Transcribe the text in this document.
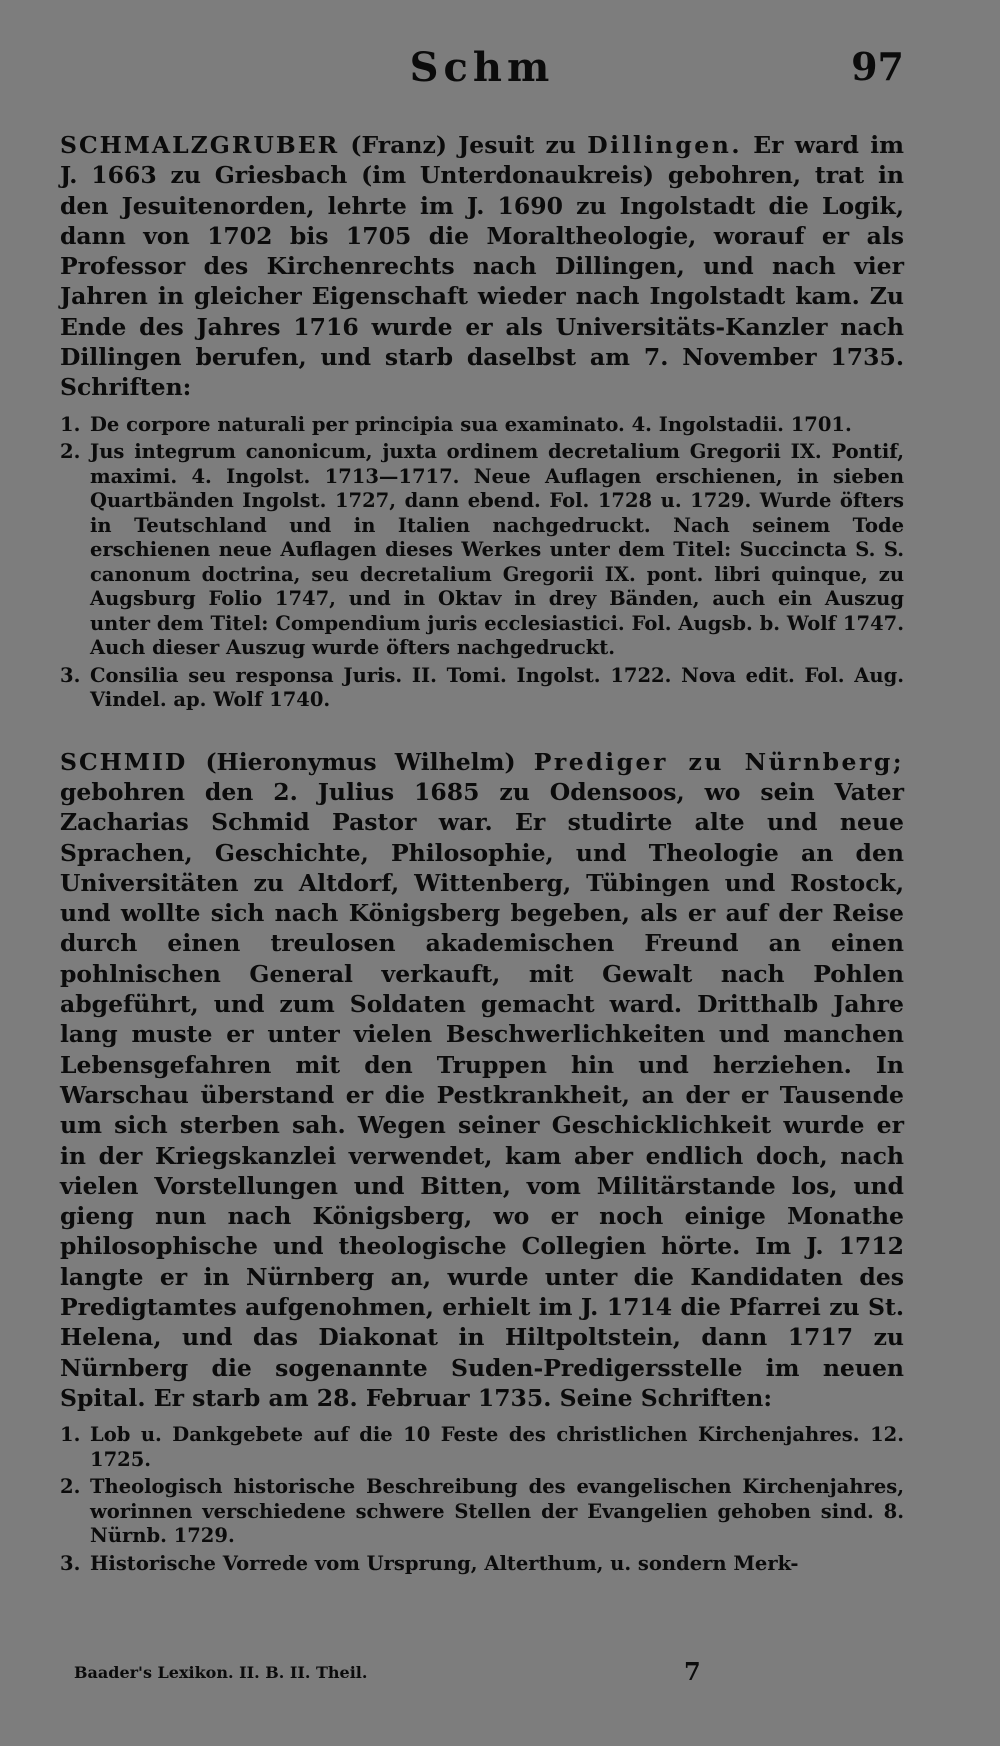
Schm	97
SCHMALZGRUBER (Franz) Jesuit zu Dillingen. Er ward im J. 1663 zu Griesbach (im Unterdonaukreis) gebohren, trat in den Jesuitenorden, lehrte im J. 1690 zu Ingolstadt die Logik, dann von 1702 bis 1705 die Moraltheologie, worauf er als Professor des Kirchenrechts nach Dillingen, und nach vier Jahren in gleicher Eigenschaft wieder nach Ingolstadt kam. Zu Ende des Jahres 1716 wurde er als Universitäts-Kanzler nach Dillingen berufen, und starb daselbst am 7. November 1735. Schriften:
1. De corpore naturali per principia sua examinato. 4. Ingolstadii. 1701.
2. Jus integrum canonicum, juxta ordinem decretalium Gregorii IX. Pontif, maximi. 4. Ingolst. 1713—1717. Neue Auflagen erschienen, in sieben Quartbänden Ingolst. 1727, dann ebend. Fol. 1728 u. 1729. Wurde öfters in Teutschland und in Italien nachgedruckt. Nach seinem Tode erschienen neue Auflagen dieses Werkes unter dem Titel: Succincta S. S. canonum doctrina, seu decretalium Gregorii IX. pont. libri quinque, zu Augsburg Folio 1747, und in Oktav in drey Bänden, auch ein Auszug unter dem Titel: Compendium juris ecclesiastici. Fol. Augsb. b. Wolf 1747. Auch dieser Auszug wurde öfters nachgedruckt.
3. Consilia seu responsa Juris. II. Tomi. Ingolst. 1722. Nova edit. Fol. Aug. Vindel. ap. Wolf 1740.
SCHMID (Hieronymus Wilhelm) Prediger zu Nürnberg; gebohren den 2. Julius 1685 zu Odensoos, wo sein Vater Zacharias Schmid Pastor war. Er studirte alte und neue Sprachen, Geschichte, Philosophie, und Theologie an den Universitäten zu Altdorf, Wittenberg, Tübingen und Rostock, und wollte sich nach Königsberg begeben, als er auf der Reise durch einen treulosen akademischen Freund an einen pohlnischen General verkauft, mit Gewalt nach Pohlen abgeführt, und zum Soldaten gemacht ward. Dritthalb Jahre lang muste er unter vielen Beschwerlichkeiten und manchen Lebensgefahren mit den Truppen hin und herziehen. In Warschau überstand er die Pestkrankheit, an der er Tausende um sich sterben sah. Wegen seiner Geschicklichkeit wurde er in der Kriegskanzlei verwendet, kam aber endlich doch, nach vielen Vorstellungen und Bitten, vom Militärstande los, und gieng nun nach Königsberg, wo er noch einige Monathe philosophische und theologische Collegien hörte. Im J. 1712 langte er in Nürnberg an, wurde unter die Kandidaten des Predigtamtes aufgenohmen, erhielt im J. 1714 die Pfarrei zu St. Helena, und das Diakonat in Hiltpoltstein, dann 1717 zu Nürnberg die sogenannte Suden-Predigersstelle im neuen Spital. Er starb am 28. Februar 1735. Seine Schriften:
1. Lob u. Dankgebete auf die 10 Feste des christlichen Kirchenjahres. 12. 1725.
2. Theologisch historische Beschreibung des evangelischen Kirchenjahres, worinnen verschiedene schwere Stellen der Evangelien gehoben sind. 8. Nürnb. 1729.
3. Historische Vorrede vom Ursprung, Alterthum, u. sondern Merk-
Baader's Lexikon. II. B. II. Theil.	7
